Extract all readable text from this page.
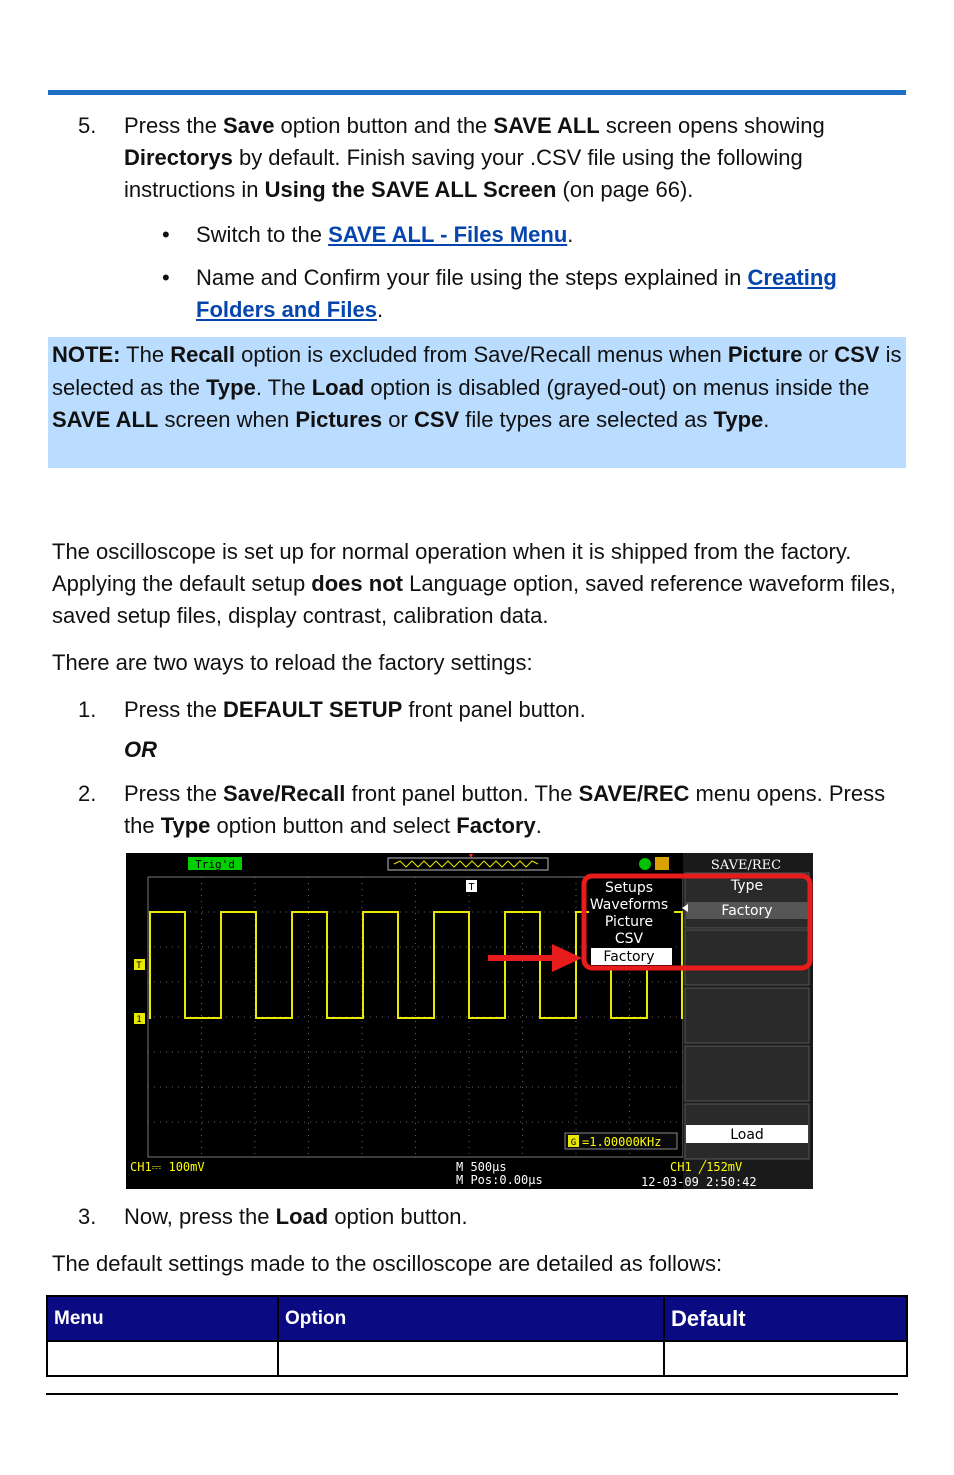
5. Press the Save option button and the SAVE ALL screen opens showing Directorys by default. Finish saving your .CSV file using the following instructions in Using the SAVE ALL Screen (on page 66).
• Switch to the SAVE ALL - Files Menu.
• Name and Confirm your file using the steps explained in Creating Folders and Files.

NOTE: The Recall option is excluded from Save/Recall menus when Picture or CSV is selected as the Type. The Load option is disabled (grayed-out) on menus inside the SAVE ALL screen when Pictures or CSV file types are selected as Type.

The oscilloscope is set up for normal operation when it is shipped from the factory. Applying the default setup does not Language option, saved reference waveform files, saved setup files, display contrast, calibration data.
There are two ways to reload the factory settings:
1. Press the DEFAULT SETUP front panel button.
OR
2. Press the Save/Recall front panel button. The SAVE/REC menu opens. Press the Type option button and select Factory.
Trig'd
T
1
T
SAVE/REC
Type
Factory
Load
Setups
Waveforms
Picture
CSV
Factory
G =1.00000KHz
CH1⎓ 100mV	M 500μs
M Pos:0.00μs
CH1 ╱152mV
12-03-09 2:50:42
3. Now, press the Load option button.
The default settings made to the oscilloscope are detailed as follows:
Menu	Option	Default
